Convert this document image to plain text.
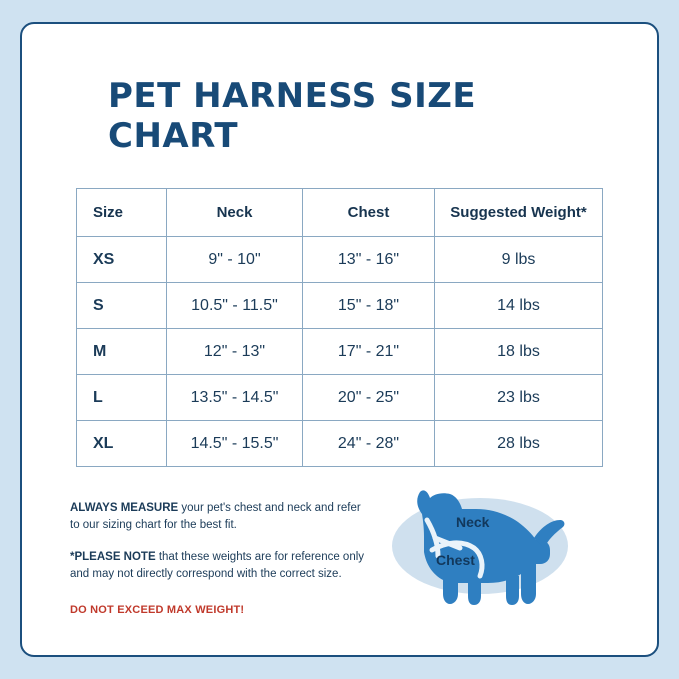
PET HARNESS SIZE CHART
Size	Neck	Chest	Suggested Weight*
XS	9" - 10"	13" - 16"	9 lbs
S	10.5" - 11.5"	15" - 18"	14 lbs
M	12" - 13"	17" - 21"	18 lbs
L	13.5" - 14.5"	20" - 25"	23 lbs
XL	14.5" - 15.5"	24" - 28"	28 lbs

ALWAYS MEASURE your pet's chest and neck and refer to our sizing chart for the best fit.

*PLEASE NOTE that these weights are for reference only and may not directly correspond with the correct size.

DO NOT EXCEED MAX WEIGHT!

Neck
Chest
